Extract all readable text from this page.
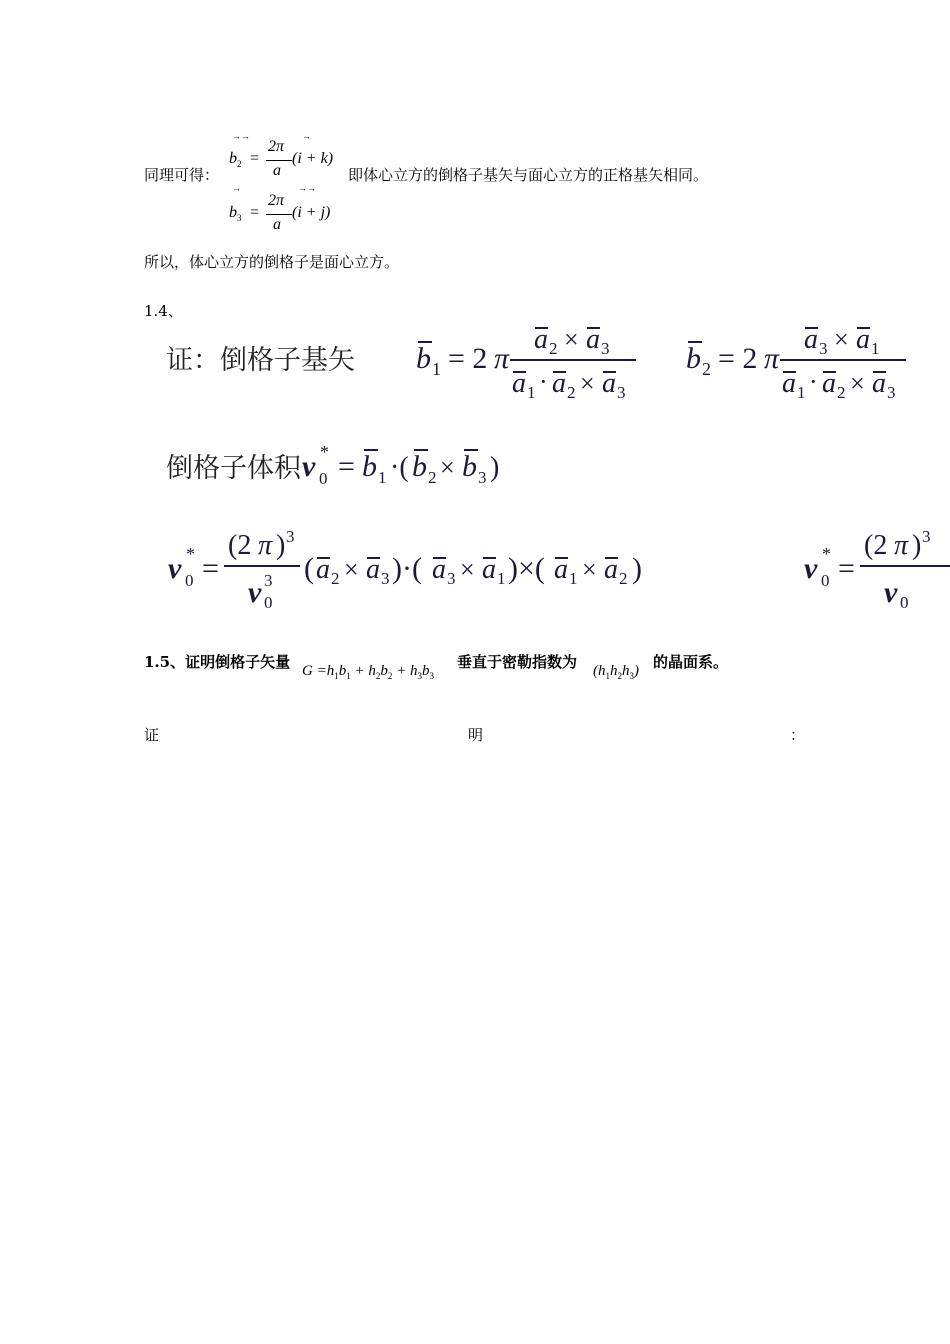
同理可得：
→→
$b_2$ =
2π
a
→
(i + k)
→
$b_3$ =
2π
a
→→
(i + j)
即体心立方的倒格子基矢与面心立方的正格基矢相同。
所以，体心立方的倒格子是面心立方。
1.4、
证：倒格子基矢 b 1 = 2 π
a 2 × a 3
a 1 · a 2 × a 3
b 2 = 2 π
a 3 × a 1
a 1 · a 2 × a 3
倒格子体积 v *
0 = b 1 ·( b 2 × b 3 )
v *
0 =
(2 π ) 3
v 3
0
( a 2 × a 3 )·( a 3 × a 1 )×( a 1 × a 2 )	v *
0 =
(2 π ) 3
v 0
1.5、证明倒格子矢量 $G =h_1b_1 + h_2b_2 + h_3b_3$
垂直于密勒指数为 $(h_1h_2h_3)$ 的晶面系。
证	明	：
